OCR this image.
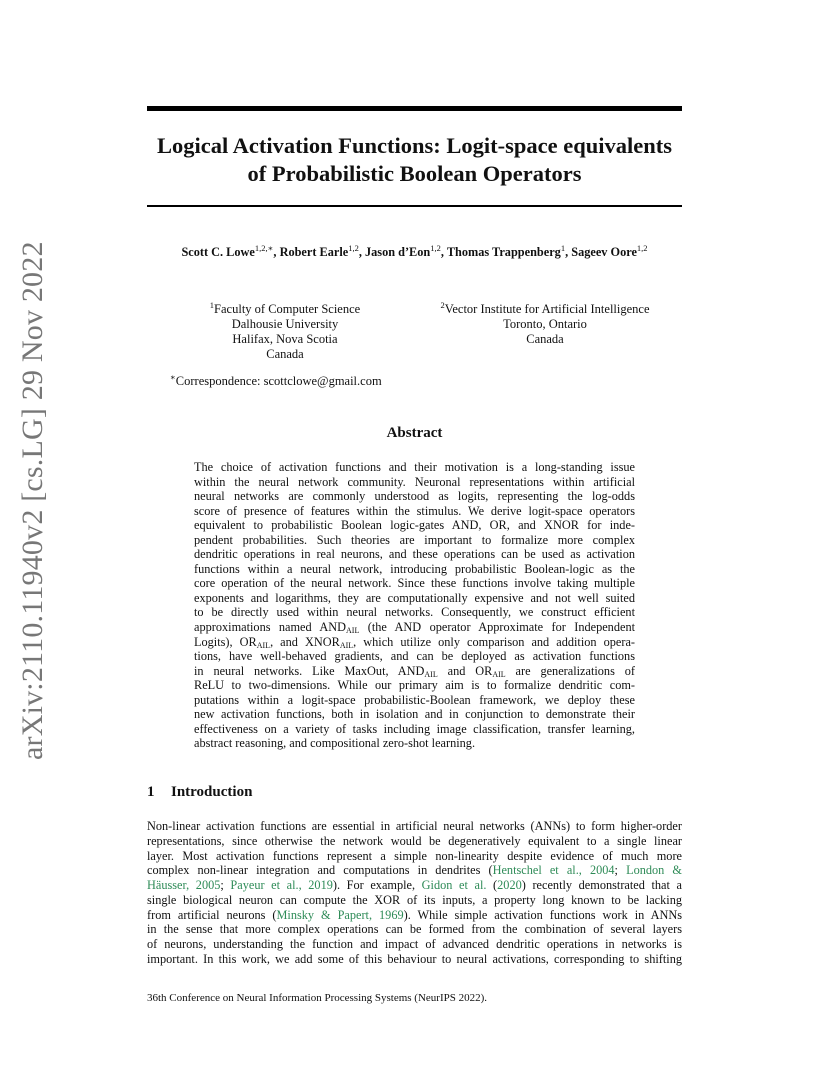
arXiv:2110.11940v2 [cs.LG] 29 Nov 2022
Logical Activation Functions: Logit-space equivalents
of Probabilistic Boolean Operators
Scott C. Lowe$^{1,2,∗}$, Robert Earle$^{1,2}$, Jason d’Eon$^{1,2}$, Thomas Trappenberg$^1$, Sageev Oore$^{1,2}$
$^1$Faculty of Computer Science
Dalhousie University
Halifax, Nova Scotia
Canada
$^2$Vector Institute for Artificial Intelligence
Toronto, Ontario
Canada
∗Correspondence: scottclowe@gmail.com
Abstract
The choice of activation functions and their motivation is a long-standing issue
within the neural network community. Neuronal representations within artificial
neural networks are commonly understood as logits, representing the log-odds
score of presence of features within the stimulus. We derive logit-space operators
equivalent to probabilistic Boolean logic-gates AND, OR, and XNOR for inde-
pendent probabilities. Such theories are important to formalize more complex
dendritic operations in real neurons, and these operations can be used as activation
functions within a neural network, introducing probabilistic Boolean-logic as the
core operation of the neural network. Since these functions involve taking multiple
exponents and logarithms, they are computationally expensive and not well suited
to be directly used within neural networks. Consequently, we construct efficient
approximations named $AND_{AIL}$ (the AND operator Approximate for Independent
Logits), $OR_{AIL}$, and $XNOR_{AIL}$, which utilize only comparison and addition opera-
tions, have well-behaved gradients, and can be deployed as activation functions
in neural networks. Like MaxOut, $AND_{AIL}$ and $OR_{AIL}$ are generalizations of
ReLU to two-dimensions. While our primary aim is to formalize dendritic com-
putations within a logit-space probabilistic-Boolean framework, we deploy these
new activation functions, both in isolation and in conjunction to demonstrate their
effectiveness on a variety of tasks including image classification, transfer learning,
abstract reasoning, and compositional zero-shot learning.
1 Introduction
Non-linear activation functions are essential in artificial neural networks (ANNs) to form higher-order
representations, since otherwise the network would be degeneratively equivalent to a single linear
layer. Most activation functions represent a simple non-linearity despite evidence of much more
complex non-linear integration and computations in dendrites (Hentschel et al., 2004; London &
Häusser, 2005; Payeur et al., 2019). For example, Gidon et al. (2020) recently demonstrated that a
single biological neuron can compute the XOR of its inputs, a property long known to be lacking
from artificial neurons (Minsky & Papert, 1969). While simple activation functions work in ANNs
in the sense that more complex operations can be formed from the combination of several layers
of neurons, understanding the function and impact of advanced dendritic operations in networks is
important. In this work, we add some of this behaviour to neural activations, corresponding to shifting
36th Conference on Neural Information Processing Systems (NeurIPS 2022).
